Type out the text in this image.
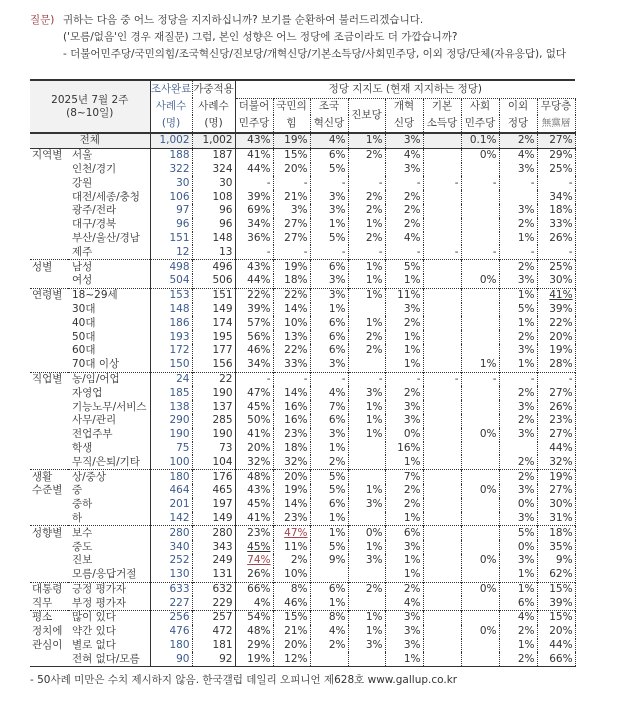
질문) 귀하는 다음 중 어느 정당을 지지하십니까? 보기를 순환하여 불러드리겠습니다.
('모름/없음'인 경우 재질문) 그럼, 본인 성향은 어느 정당에 조금이라도 더 가깝습니까?
- 더불어민주당/국민의힘/조국혁신당/진보당/개혁신당/기본소득당/사회민주당, 이외 정당/단체(자유응답), 없다
2025년 7월 2주
(8~10일)		조사완료	가중적용	정당 지지도 (현재 지지하는 정당)								
		사례수	사례수	더불어	국민의	조국	진보당	개혁	기본	사회	이외	무당층
		(명)	(명)	민주당	힘	혁신당		신당	소득당	민주당	정당	無黨層
전체		1,002	1,002	43%	19%	4%	1%	3%		0.1%	2%	27%
지역별	서울	188	187	41%	15%	6%	2%	4%		0%	4%	29%
	인천/경기	322	324	44%	20%	5%		3%			3%	25%
	강원	30	30	-	-	-	-	-	-	-	-	-
	대전/세종/충청	106	108	39%	21%	3%	2%	2%				34%
	광주/전라	97	96	69%	3%	3%	2%	2%			3%	18%
	대구/경북	96	96	34%	27%	1%	1%	2%			2%	33%
	부산/울산/경남	151	148	36%	27%	5%	2%	4%			1%	26%
	제주	12	13	-	-	-	-	-	-	-	-	-
성별	남성	498	496	43%	19%	6%	1%	5%			2%	25%
	여성	504	506	44%	18%	3%	1%	1%		0%	3%	30%
연령별	18~29세	153	151	22%	22%	3%	1%	11%			1%	41%
	30대	148	149	39%	14%	1%		3%			5%	39%
	40대	186	174	57%	10%	6%	1%	2%			1%	22%
	50대	193	195	56%	13%	6%	2%	1%			2%	20%
	60대	172	177	46%	22%	6%	2%	1%			3%	19%
	70대 이상	150	156	34%	33%	3%		1%		1%	1%	28%
직업별	농/임/어업	24	22	-	-	-	-	-	-	-	-	-
	자영업	185	190	47%	14%	4%	3%	2%			2%	27%
	기능노무/서비스	138	137	45%	16%	7%	1%	3%			3%	26%
	사무/관리	290	285	50%	16%	6%	1%	3%			2%	23%
	전업주부	190	190	41%	23%	3%	1%	0%		0%	3%	27%
	학생	75	73	20%	18%	1%		16%				44%
	무직/은퇴/기타	100	104	32%	32%	2%		1%			2%	32%
생활	상/중상	180	176	48%	20%	5%		7%			2%	19%
수준별	중	464	465	43%	19%	5%	1%	2%		0%	3%	27%
	중하	201	197	45%	14%	6%	3%	2%			0%	30%
	하	142	149	41%	23%	1%		1%			3%	31%
성향별	보수	280	280	23%	47%	1%	0%	6%			5%	18%
	중도	340	343	45%	11%	5%	1%	3%			0%	35%
	진보	252	249	74%	2%	9%	3%	1%		0%	3%	9%
	모름/응답거절	130	131	26%	10%			1%			1%	62%
대통령	긍정 평가자	633	632	66%	8%	6%	2%	2%		0%	1%	15%
직무	부정 평가자	227	229	4%	46%	1%		4%			6%	39%
평소	많이 있다	256	257	54%	15%	8%	1%	3%			4%	15%
정치에	약간 있다	476	472	48%	21%	4%	1%	3%		0%	2%	20%
관심이	별로 없다	180	181	29%	20%	2%	3%	3%			1%	44%
	전혀 없다/모름	90	92	19%	12%			1%			2%	66%
- 50사례 미만은 수치 제시하지 않음. 한국갤럽 데일리 오피니언 제628호 www.gallup.co.kr
